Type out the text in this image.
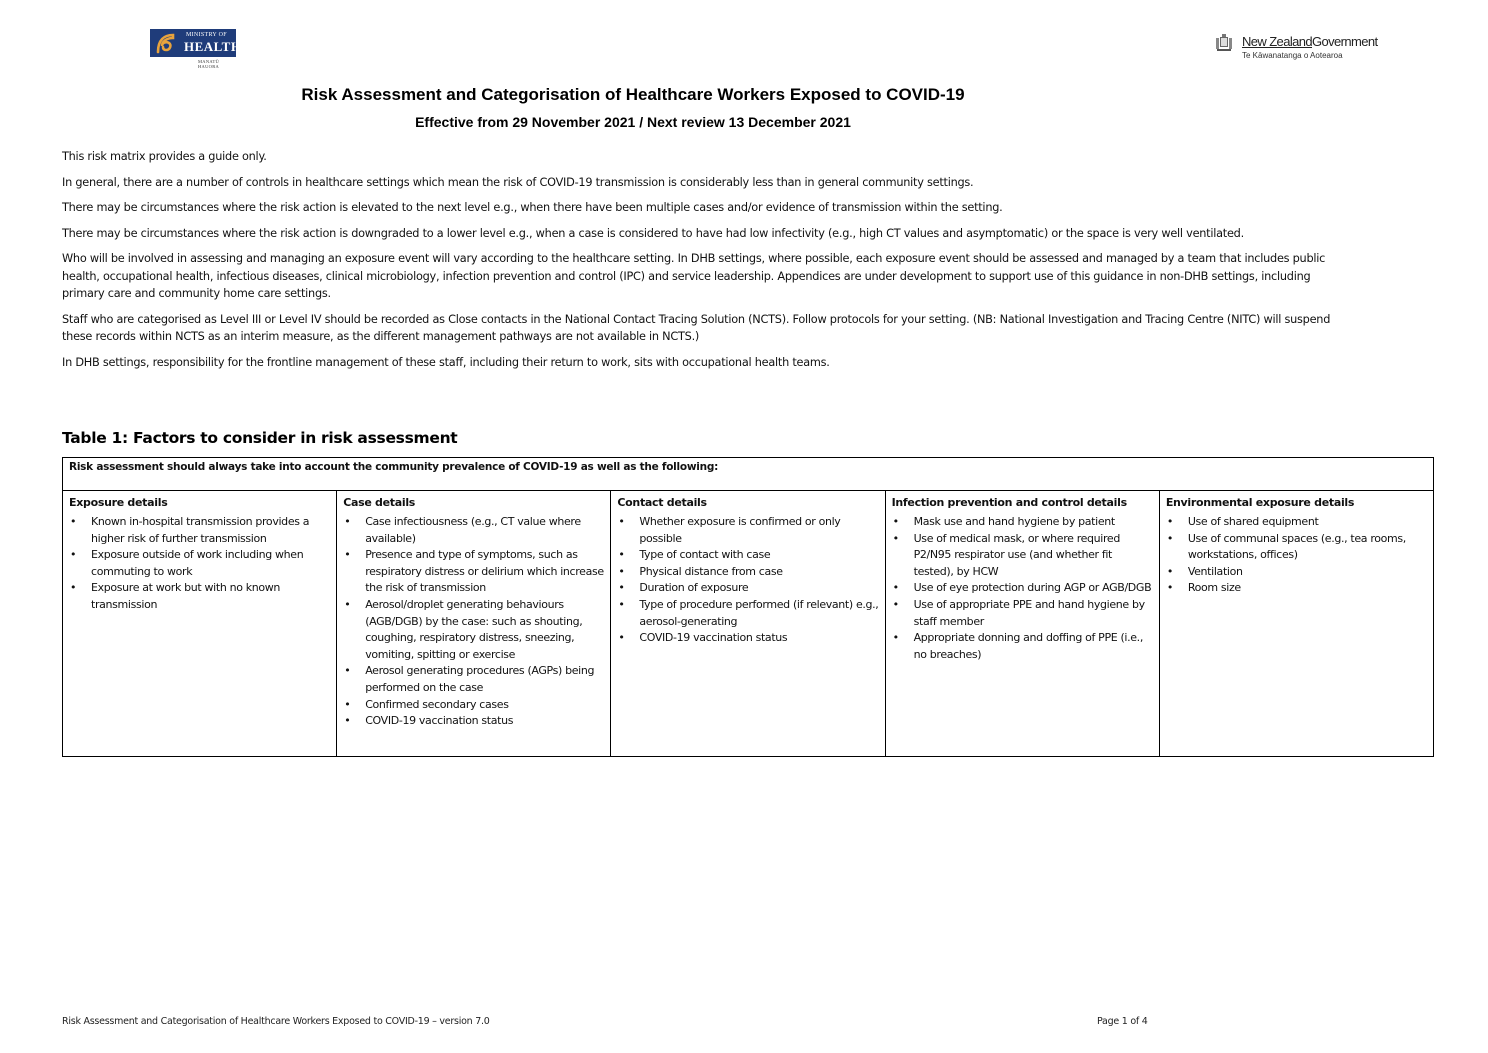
MINISTRY OF
HEALTH
MANATŪ HAUORA
New ZealandGovernment
Te Kāwanatanga o Aotearoa
Risk Assessment and Categorisation of Healthcare Workers Exposed to COVID-19
Effective from 29 November 2021 / Next review 13 December 2021

This risk matrix provides a guide only.

In general, there are a number of controls in healthcare settings which mean the risk of COVID-19 transmission is considerably less than in general community settings.

There may be circumstances where the risk action is elevated to the next level e.g., when there have been multiple cases and/or evidence of transmission within the setting.

There may be circumstances where the risk action is downgraded to a lower level e.g., when a case is considered to have had low infectivity (e.g., high CT values and asymptomatic) or the space is very well ventilated.

Who will be involved in assessing and managing an exposure event will vary according to the healthcare setting. In DHB settings, where possible, each exposure event should be assessed and managed by a team that includes public health, occupational health, infectious diseases, clinical microbiology, infection prevention and control (IPC) and service leadership. Appendices are under development to support use of this guidance in non-DHB settings, including primary care and community home care settings.

Staff who are categorised as Level III or Level IV should be recorded as Close contacts in the National Contact Tracing Solution (NCTS). Follow protocols for your setting. (NB: National Investigation and Tracing Centre (NITC) will suspend these records within NCTS as an interim measure, as the different management pathways are not available in NCTS.)

In DHB settings, responsibility for the frontline management of these staff, including their return to work, sits with occupational health teams.

Table 1: Factors to consider in risk assessment
Risk assessment should always take into account the community prevalence of COVID-19 as well as the following:
Exposure details
• Known in-hospital transmission provides a higher risk of further transmission
• Exposure outside of work including when commuting to work
• Exposure at work but with no known transmission
Case details
• Case infectiousness (e.g., CT value where available)
• Presence and type of symptoms, such as respiratory distress or delirium which increase the risk of transmission
• Aerosol/droplet generating behaviours (AGB/DGB) by the case: such as shouting, coughing, respiratory distress, sneezing, vomiting, spitting or exercise
• Aerosol generating procedures (AGPs) being performed on the case
• Confirmed secondary cases
• COVID-19 vaccination status
Contact details
• Whether exposure is confirmed or only possible
• Type of contact with case
• Physical distance from case
• Duration of exposure
• Type of procedure performed (if relevant) e.g., aerosol-generating
• COVID-19 vaccination status
Infection prevention and control details
• Mask use and hand hygiene by patient
• Use of medical mask, or where required P2/N95 respirator use (and whether fit tested), by HCW
• Use of eye protection during AGP or AGB/DGB
• Use of appropriate PPE and hand hygiene by staff member
• Appropriate donning and doffing of PPE (i.e., no breaches)
Environmental exposure details
• Use of shared equipment
• Use of communal spaces (e.g., tea rooms, workstations, offices)
• Ventilation
• Room size
Risk Assessment and Categorisation of Healthcare Workers Exposed to COVID-19 – version 7.0	Page 1 of 4
